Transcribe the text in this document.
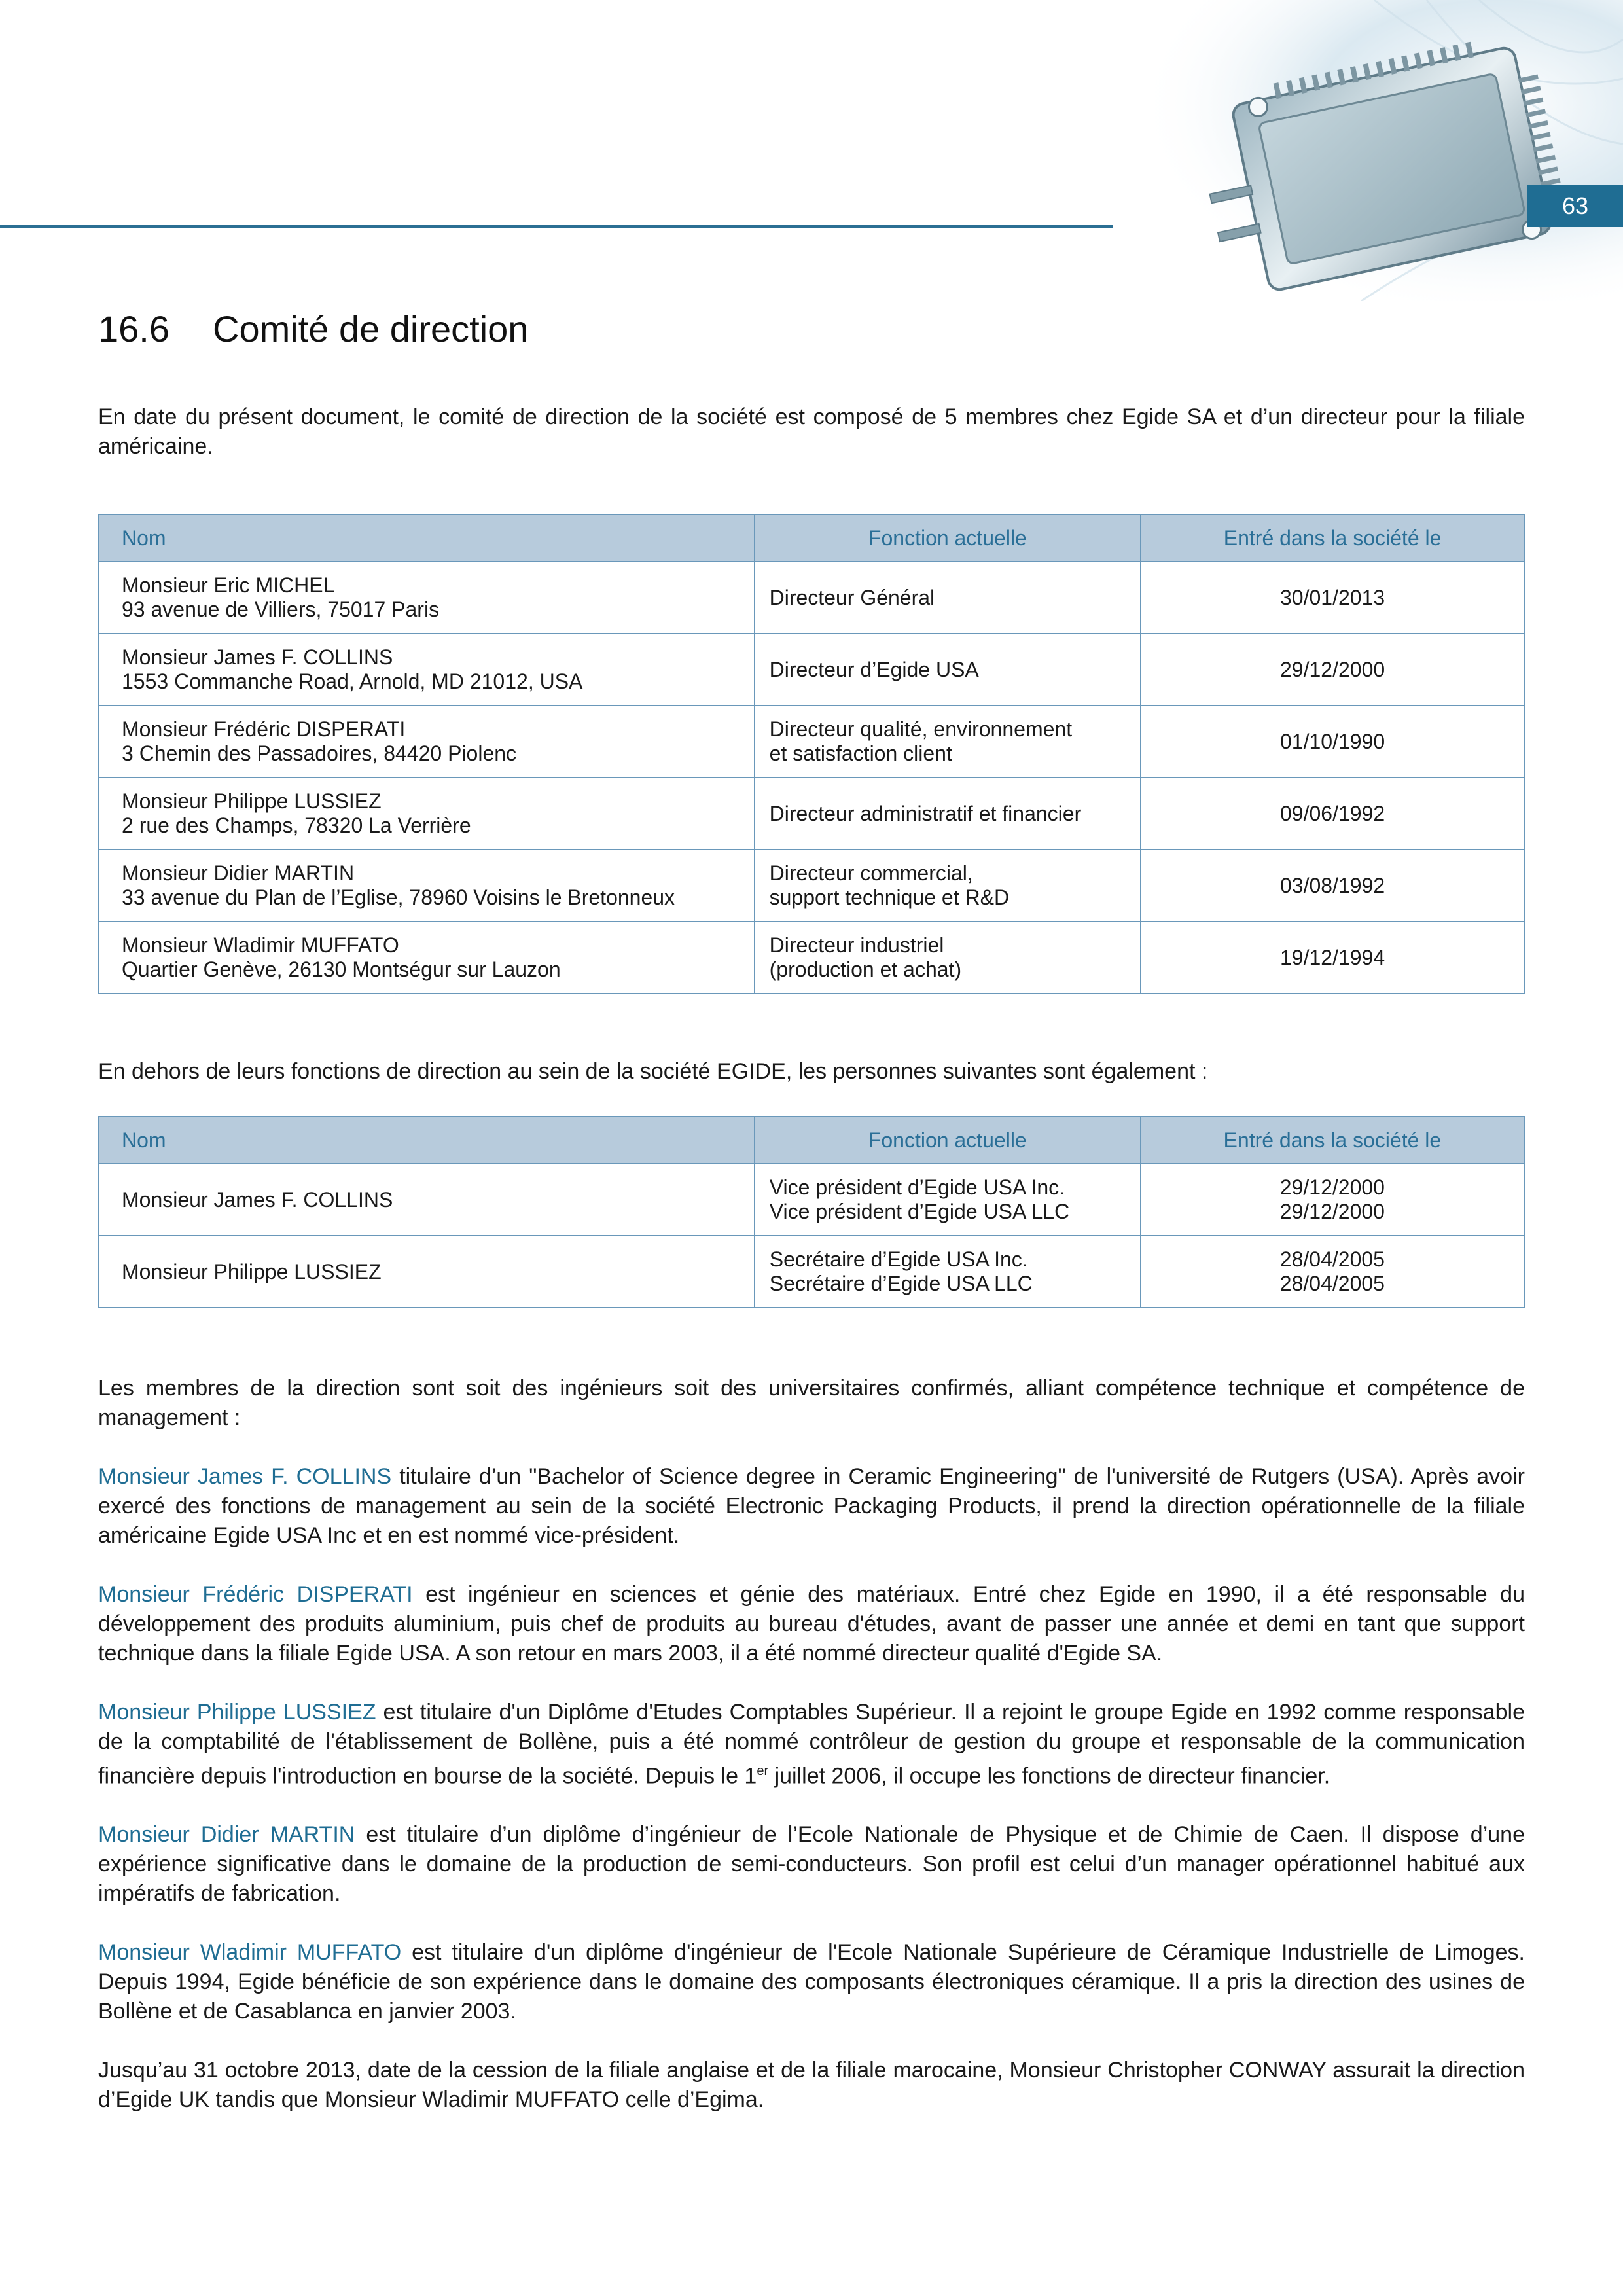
63
16.6 Comité de direction

En date du présent document, le comité de direction de la société est composé de 5 membres chez Egide SA et d’un directeur pour la filiale américaine.

Nom	Fonction actuelle	Entré dans la société le

Monsieur Eric MICHEL
93 avenue de Villiers, 75017 Paris	Directeur Général	30/01/2013

Monsieur James F. COLLINS
1553 Commanche Road, Arnold, MD 21012, USA	Directeur d’Egide USA	29/12/2000

Monsieur Frédéric DISPERATI
3 Chemin des Passadoires, 84420 Piolenc	Directeur qualité, environnement
et satisfaction client	01/10/1990

Monsieur Philippe LUSSIEZ
2 rue des Champs, 78320 La Verrière	Directeur administratif et financier	09/06/1992

Monsieur Didier MARTIN
33 avenue du Plan de l’Eglise, 78960 Voisins le Bretonneux	Directeur commercial,
support technique et R&D	03/08/1992

Monsieur Wladimir MUFFATO
Quartier Genève, 26130 Montségur sur Lauzon	Directeur industriel
(production et achat)	19/12/1994

En dehors de leurs fonctions de direction au sein de la société EGIDE, les personnes suivantes sont également :

Nom	Fonction actuelle	Entré dans la société le
Monsieur James F. COLLINS	Vice président d’Egide USA Inc.
Vice président d’Egide USA LLC	29/12/2000
29/12/2000

Monsieur Philippe LUSSIEZ	Secrétaire d’Egide USA Inc.
Secrétaire d’Egide USA LLC	28/04/2005
28/04/2005

Les membres de la direction sont soit des ingénieurs soit des universitaires confirmés, alliant compétence technique et compétence de management :

Monsieur James F. COLLINS titulaire d’un "Bachelor of Science degree in Ceramic Engineering" de l'université de Rutgers (USA). Après avoir exercé des fonctions de management au sein de la société Electronic Packaging Products, il prend la direction opérationnelle de la filiale américaine Egide USA Inc et en est nommé vice-président.

Monsieur Frédéric DISPERATI est ingénieur en sciences et génie des matériaux. Entré chez Egide en 1990, il a été responsable du développement des produits aluminium, puis chef de produits au bureau d'études, avant de passer une année et demi en tant que support technique dans la filiale Egide USA. A son retour en mars 2003, il a été nommé directeur qualité d'Egide SA.

Monsieur Philippe LUSSIEZ est titulaire d'un Diplôme d'Etudes Comptables Supérieur. Il a rejoint le groupe Egide en 1992 comme responsable de la comptabilité de l'établissement de Bollène, puis a été nommé contrôleur de gestion du groupe et responsable de la communication financière depuis l'introduction en bourse de la société. Depuis le 1er juillet 2006, il occupe les fonctions de directeur financier.

Monsieur Didier MARTIN est titulaire d’un diplôme d’ingénieur de l’Ecole Nationale de Physique et de Chimie de Caen. Il dispose d’une expérience significative dans le domaine de la production de semi-conducteurs. Son profil est celui d’un manager opérationnel habitué aux impératifs de fabrication.

Monsieur Wladimir MUFFATO est titulaire d'un diplôme d'ingénieur de l'Ecole Nationale Supérieure de Céramique Industrielle de Limoges. Depuis 1994, Egide bénéficie de son expérience dans le domaine des composants électroniques céramique. Il a pris la direction des usines de Bollène et de Casablanca en janvier 2003.

Jusqu’au 31 octobre 2013, date de la cession de la filiale anglaise et de la filiale marocaine, Monsieur Christopher CONWAY assurait la direction d’Egide UK tandis que Monsieur Wladimir MUFFATO celle d’Egima.
